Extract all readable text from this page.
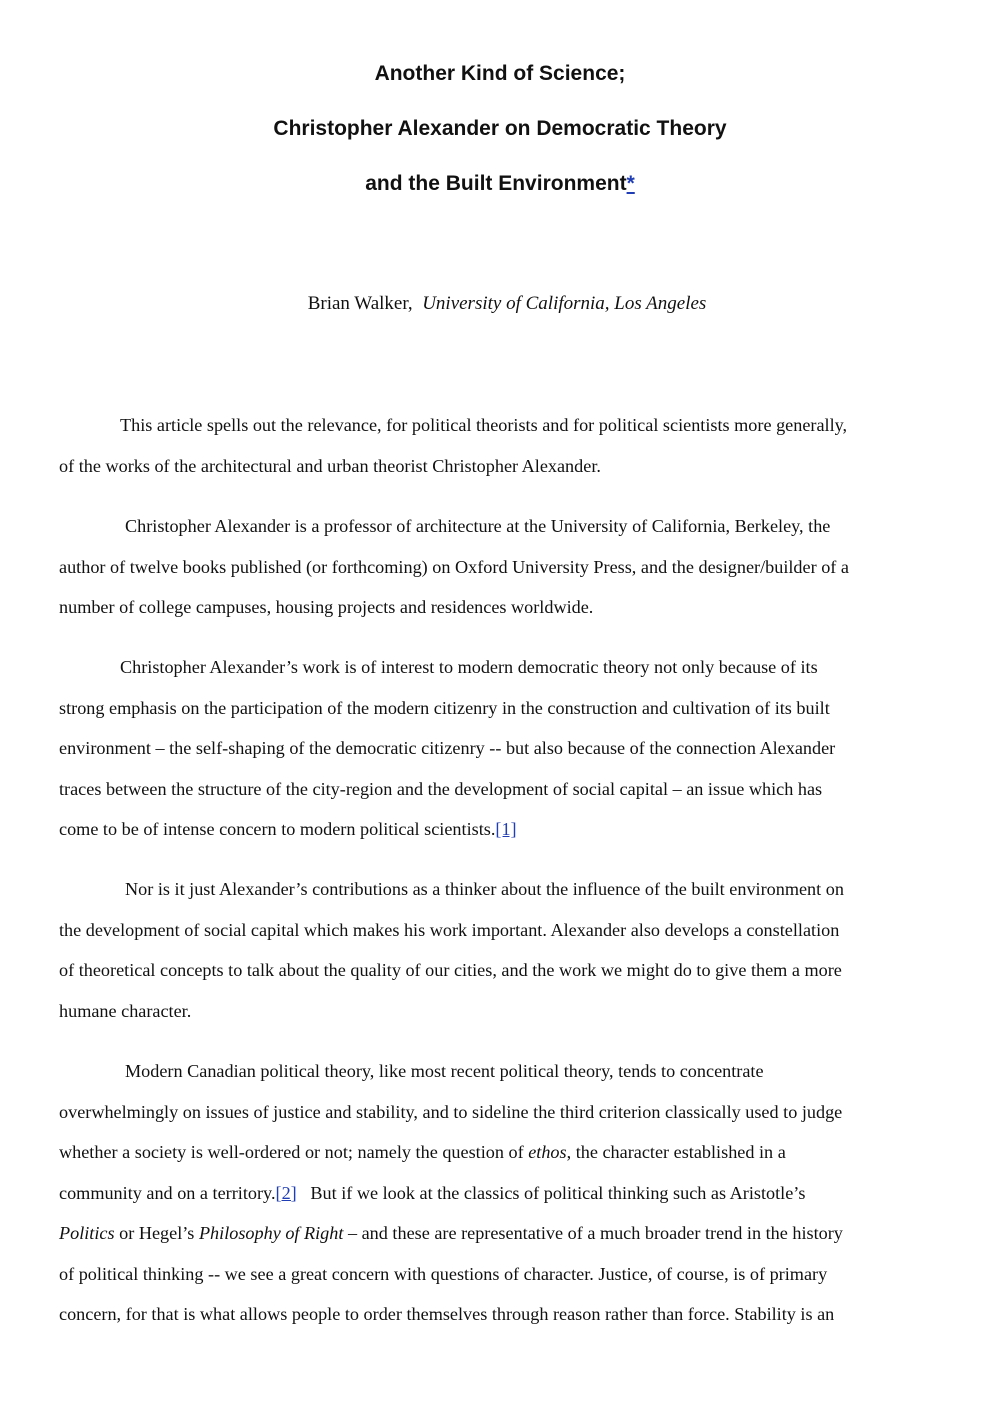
Another Kind of Science;
Christopher Alexander on Democratic Theory
and the Built Environment*
Brian Walker, University of California, Los Angeles
This article spells out the relevance, for political theorists and for political scientists more generally,
of the works of the architectural and urban theorist Christopher Alexander.
Christopher Alexander is a professor of architecture at the University of California, Berkeley, the
author of twelve books published (or forthcoming) on Oxford University Press, and the designer/builder of a
number of college campuses, housing projects and residences worldwide.
Christopher Alexander’s work is of interest to modern democratic theory not only because of its
strong emphasis on the participation of the modern citizenry in the construction and cultivation of its built
environment – the self-shaping of the democratic citizenry -- but also because of the connection Alexander
traces between the structure of the city-region and the development of social capital – an issue which has
come to be of intense concern to modern political scientists.[1]
Nor is it just Alexander’s contributions as a thinker about the influence of the built environment on
the development of social capital which makes his work important. Alexander also develops a constellation
of theoretical concepts to talk about the quality of our cities, and the work we might do to give them a more
humane character.
Modern Canadian political theory, like most recent political theory, tends to concentrate
overwhelmingly on issues of justice and stability, and to sideline the third criterion classically used to judge
whether a society is well-ordered or not; namely the question of ethos, the character established in a
community and on a territory.[2]   But if we look at the classics of political thinking such as Aristotle’s
Politics or Hegel’s Philosophy of Right – and these are representative of a much broader trend in the history
of political thinking -- we see a great concern with questions of character. Justice, of course, is of primary
concern, for that is what allows people to order themselves through reason rather than force. Stability is an
